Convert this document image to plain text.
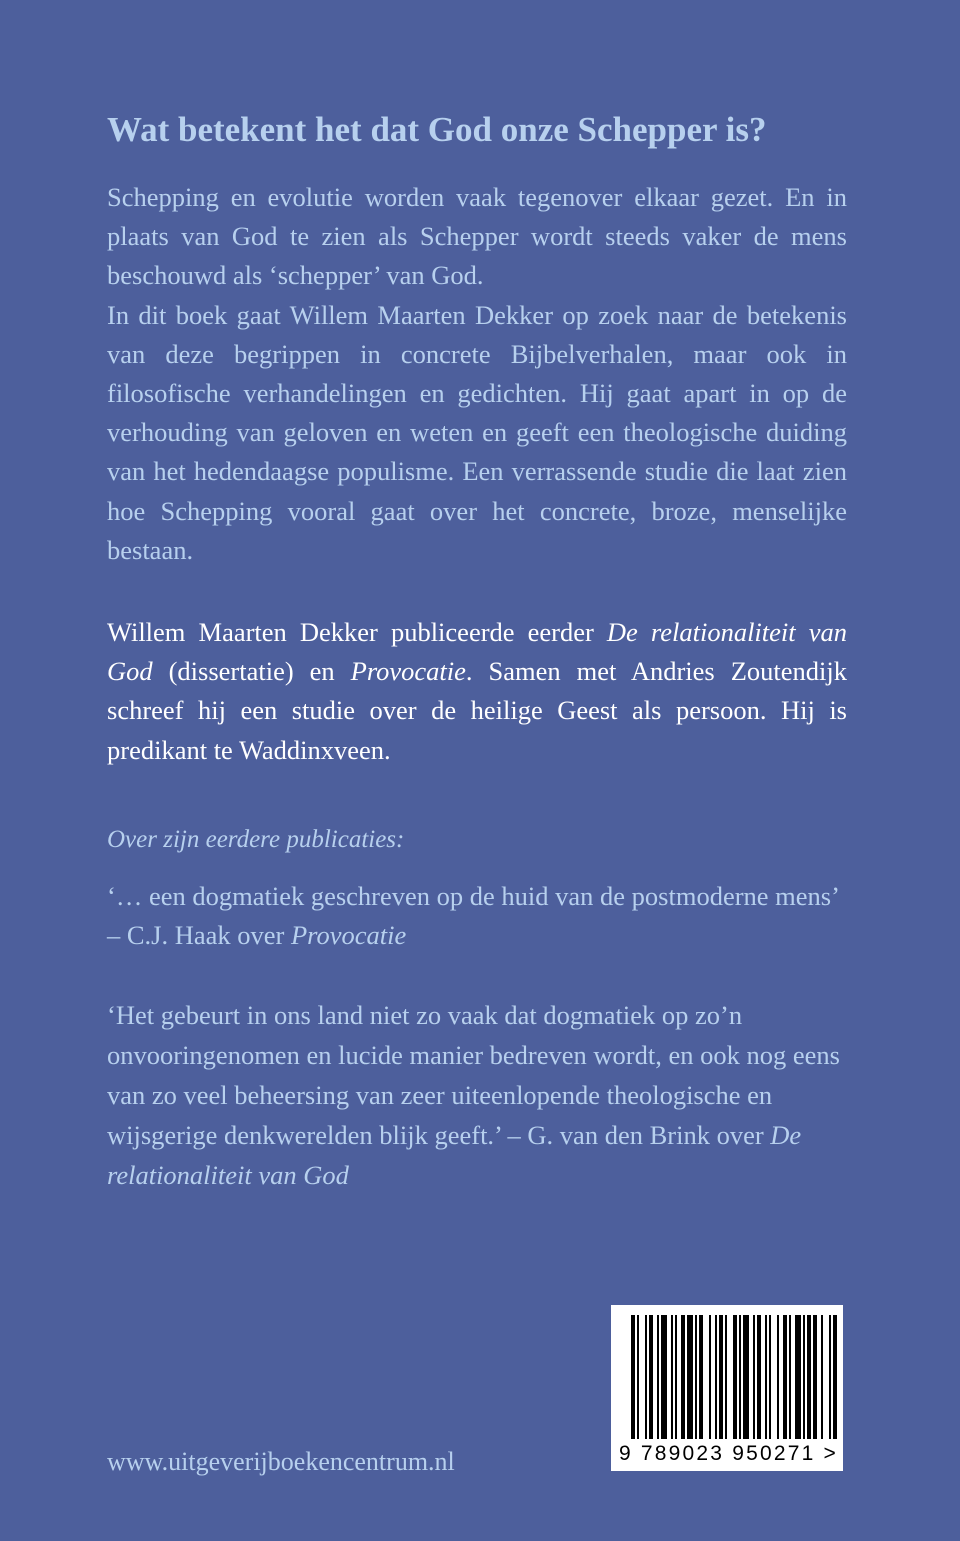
Wat betekent het dat God onze Schepper is?

Schepping en evolutie worden vaak tegenover elkaar gezet. En in plaats van God te zien als Schepper wordt steeds vaker de mens beschouwd als ‘schepper’ van God.

In dit boek gaat Willem Maarten Dekker op zoek naar de betekenis van deze begrippen in concrete Bijbelverhalen, maar ook in filosofische verhandelingen en gedichten. Hij gaat apart in op de verhouding van geloven en weten en geeft een theologische duiding van het hedendaagse populisme. Een verrassende studie die laat zien hoe Schepping vooral gaat over het concrete, broze, menselijke bestaan.

Willem Maarten Dekker publiceerde eerder De relationaliteit van God (dissertatie) en Provocatie. Samen met Andries Zoutendijk schreef hij een studie over de heilige Geest als persoon. Hij is predikant te Waddinxveen.

Over zijn eerdere publicaties:

‘… een dogmatiek geschreven op de huid van de postmoderne mens’ – C.J. Haak over Provocatie

‘Het gebeurt in ons land niet zo vaak dat dogmatiek op zo’n onvooringenomen en lucide manier bedreven wordt, en ook nog eens van zo veel beheersing van zeer uiteenlopende theologische en wijsgerige denkwerelden blijk geeft.’ – G. van den Brink over De relationaliteit van God

www.uitgeverijboekencentrum.nl	9 789023 950271 >
